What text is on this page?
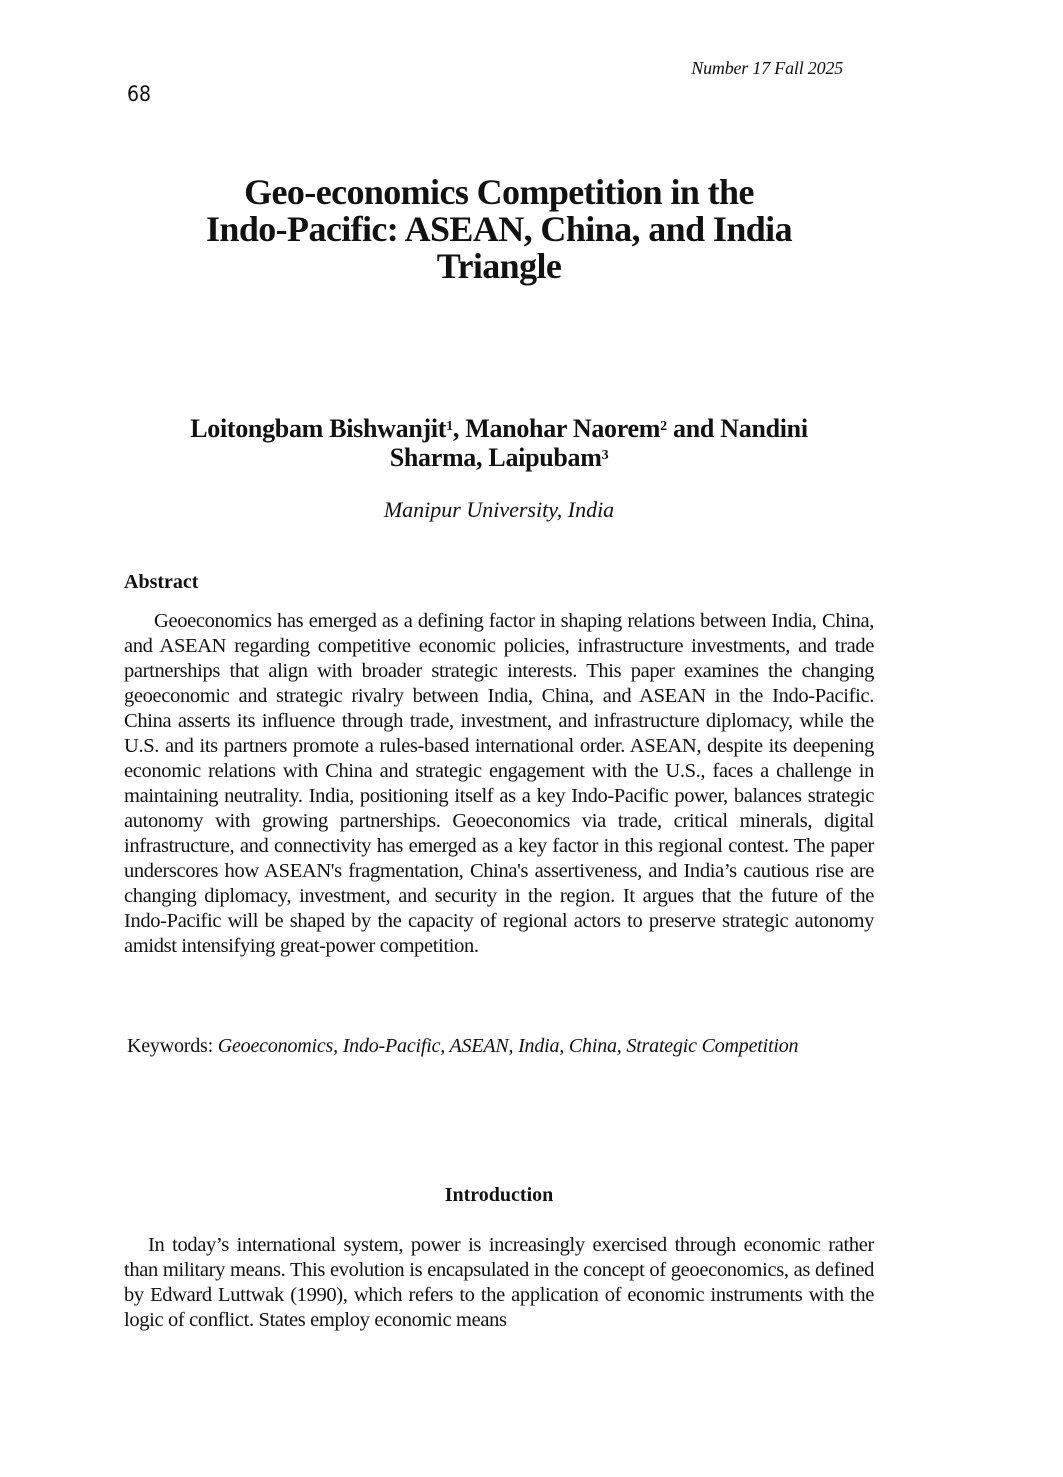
Number 17 Fall 2025
68
Geo-economics Competition in the
Indo-Pacific: ASEAN, China, and India
Triangle
Loitongbam Bishwanjit$^1$, Manohar Naorem$^2$ and Nandini
Sharma, Laipubam$^3$
Manipur University, India
Abstract

Geoeconomics has emerged as a defining factor in shaping relations between India, China, and ASEAN regarding competitive economic policies, infrastructure investments, and trade partnerships that align with broader strategic interests. This paper examines the changing geoeconomic and strategic rivalry between India, China, and ASEAN in the Indo-Pacific. China asserts its influence through trade, investment, and infrastructure diplomacy, while the U.S. and its partners promote a rules-based international order. ASEAN, despite its deepening economic relations with China and strategic engagement with the U.S., faces a challenge in maintaining neutrality. India, positioning itself as a key Indo-Pacific power, balances strategic autonomy with growing partnerships. Geoeconomics via trade, critical minerals, digital infrastructure, and connectivity has emerged as a key factor in this regional contest. The paper underscores how ASEAN's fragmentation, China's assertiveness, and India’s cautious rise are changing diplomacy, investment, and security in the region. It argues that the future of the Indo-Pacific will be shaped by the capacity of regional actors to preserve strategic autonomy amidst intensifying great-power competition.

Keywords: Geoeconomics, Indo-Pacific, ASEAN, India, China, Strategic Competition
Introduction

In today’s international system, power is increasingly exercised through economic rather than military means. This evolution is encapsulated in the concept of geoeconomics, as defined by Edward Luttwak (1990), which refers to the application of economic instruments with the logic of conflict. States employ economic means
